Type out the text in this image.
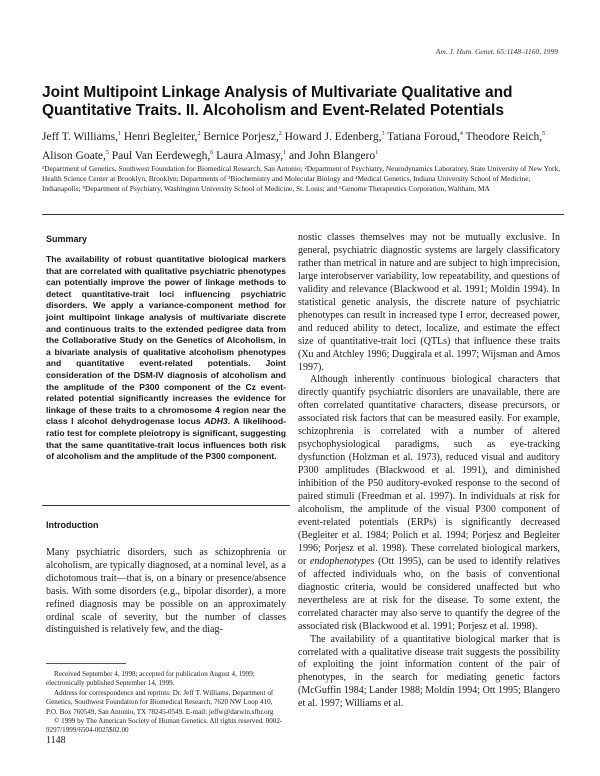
Am. J. Hum. Genet. 65:1148–1160, 1999
Joint Multipoint Linkage Analysis of Multivariate Qualitative and Quantitative Traits. II. Alcoholism and Event-Related Potentials
Jeff T. Williams,$^1$ Henri Begleiter,$^2$ Bernice Porjesz,$^2$ Howard J. Edenberg,$^3$ Tatiana Foroud,$^4$ Theodore Reich,$^5$ Alison Goate,$^5$ Paul Van Eerdewegh,$^6$ Laura Almasy,$^1$ and John Blangero$^1$
¹Department of Genetics, Southwest Foundation for Biomedical Research, San Antonio; ²Department of Psychiatry, Neurodynamics Laboratory, State University of New York, Health Science Center at Brooklyn, Brooklyn; Departments of ³Biochemistry and Molecular Biology and ⁴Medical Genetics, Indiana University School of Medicine, Indianapolis; ⁵Department of Psychiatry, Washington University School of Medicine, St. Louis; and ⁶Genome Therapeutics Corporation, Waltham, MA
Summary
The availability of robust quantitative biological markers that are correlated with qualitative psychiatric phenotypes can potentially improve the power of linkage methods to detect quantitative-trait loci influencing psychiatric disorders. We apply a variance-component method for joint multipoint linkage analysis of multivariate discrete and continuous traits to the extended pedigree data from the Collaborative Study on the Genetics of Alcoholism, in a bivariate analysis of qualitative alcoholism phenotypes and quantitative event-related potentials. Joint consideration of the DSM-IV diagnosis of alcoholism and the amplitude of the P300 component of the Cz event-related potential significantly increases the evidence for linkage of these traits to a chromosome 4 region near the class I alcohol dehydrogenase locus ADH3. A likelihood-ratio test for complete pleiotropy is significant, suggesting that the same quantitative-trait locus influences both risk of alcoholism and the amplitude of the P300 component.
Introduction
Many psychiatric disorders, such as schizophrenia or alcoholism, are typically diagnosed, at a nominal level, as a dichotomous trait—that is, on a binary or presence/absence basis. With some disorders (e.g., bipolar disorder), a more refined diagnosis may be possible on an approximately ordinal scale of severity, but the number of classes distinguished is relatively few, and the diag-
Received September 4, 1998; accepted for publication August 4, 1999; electronically published September 14, 1999.
Address for correspondence and reprints: Dr. Jeff T. Williams, Department of Genetics, Southwest Foundation for Biomedical Research, 7620 NW Loop 410, P.O. Box 760549, San Antonio, TX 78245-0549. E-mail: jeffw@darwin.sfbr.org
© 1999 by The American Society of Human Genetics. All rights reserved. 0002-9297/1999/6504-0025$02.00
1148

nostic classes themselves may not be mutually exclusive. In general, psychiatric diagnostic systems are largely classificatory rather than metrical in nature and are subject to high imprecision, large interobserver variability, low repeatability, and questions of validity and relevance (Blackwood et al. 1991; Moldin 1994). In statistical genetic analysis, the discrete nature of psychiatric phenotypes can result in increased type I error, decreased power, and reduced ability to detect, localize, and estimate the effect size of quantitative-trait loci (QTLs) that influence these traits (Xu and Atchley 1996; Duggirala et al. 1997; Wijsman and Amos 1997).

Although inherently continuous biological characters that directly quantify psychiatric disorders are unavailable, there are often correlated quantitative characters, disease precursors, or associated risk factors that can be measured easily. For example, schizophrenia is correlated with a number of altered psychophysiological paradigms, such as eye-tracking dysfunction (Holzman et al. 1973), reduced visual and auditory P300 amplitudes (Blackwood et al. 1991), and diminished inhibition of the P50 auditory-evoked response to the second of paired stimuli (Freedman et al. 1997). In individuals at risk for alcoholism, the amplitude of the visual P300 component of event-related potentials (ERPs) is significantly decreased (Begleiter et al. 1984; Polich et al. 1994; Porjesz and Begleiter 1996; Porjesz et al. 1998). These correlated biological markers, or endophenotypes (Ott 1995), can be used to identify relatives of affected individuals who, on the basis of conventional diagnostic criteria, would be considered unaffected but who nevertheless are at risk for the disease. To some extent, the correlated character may also serve to quantify the degree of the associated risk (Blackwood et al. 1991; Porjesz et al. 1998).

The availability of a quantitative biological marker that is correlated with a qualitative disease trait suggests the possibility of exploiting the joint information content of the pair of phenotypes, in the search for mediating genetic factors (McGuffin 1984; Lander 1988; Moldin 1994; Ott 1995; Blangero et al. 1997; Williams et al.
